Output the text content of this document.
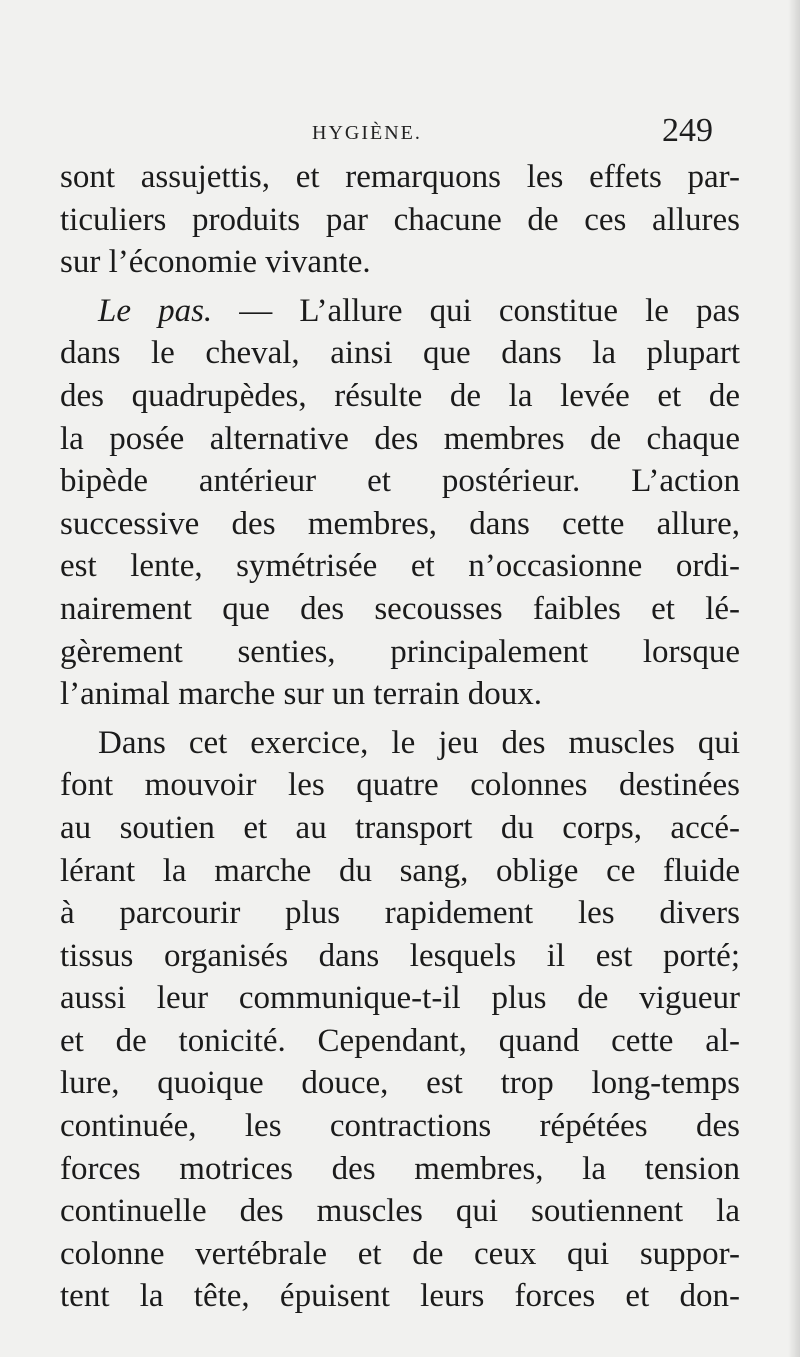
HYGIÈNE.	249
sont assujettis, et remarquons les effets par-
ticuliers produits par chacune de ces allures
sur l’économie vivante.
Le pas. — L’allure qui constitue le pas
dans le cheval, ainsi que dans la plupart
des quadrupèdes, résulte de la levée et de
la posée alternative des membres de chaque
bipède antérieur et postérieur. L’action
successive des membres, dans cette allure,
est lente, symétrisée et n’occasionne ordi-
nairement que des secousses faibles et lé-
gèrement senties, principalement lorsque
l’animal marche sur un terrain doux.
Dans cet exercice, le jeu des muscles qui
font mouvoir les quatre colonnes destinées
au soutien et au transport du corps, accé-
lérant la marche du sang, oblige ce fluide
à parcourir plus rapidement les divers
tissus organisés dans lesquels il est porté;
aussi leur communique-t-il plus de vigueur
et de tonicité. Cependant, quand cette al-
lure, quoique douce, est trop long-temps
continuée, les contractions répétées des
forces motrices des membres, la tension
continuelle des muscles qui soutiennent la
colonne vertébrale et de ceux qui suppor-
tent la tête, épuisent leurs forces et don-
